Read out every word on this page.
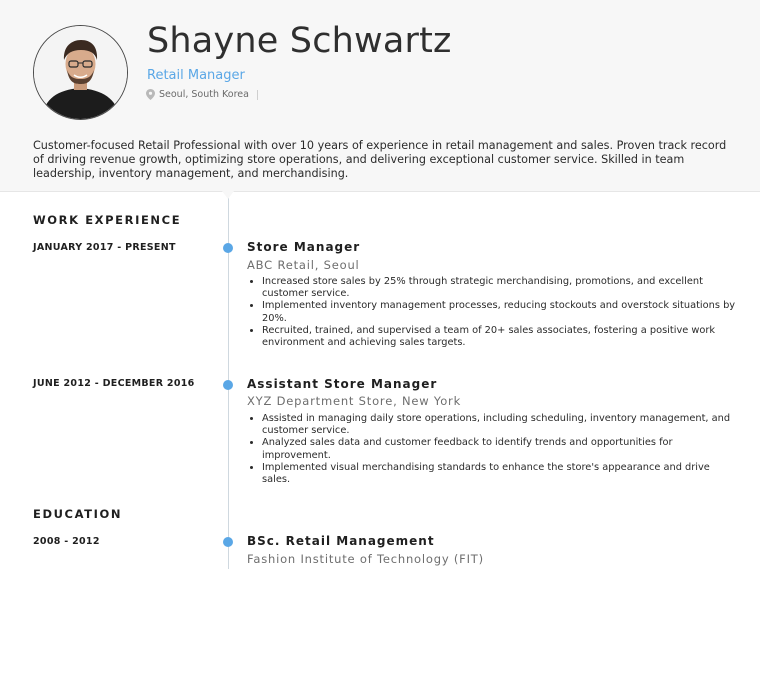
Shayne Schwartz
Retail Manager
Seoul, South Korea
Customer-focused Retail Professional with over 10 years of experience in retail management and sales. Proven track record of driving revenue growth, optimizing store operations, and delivering exceptional customer service. Skilled in team leadership, inventory management, and merchandising.
WORK EXPERIENCE
JANUARY 2017 - PRESENT	Store Manager
ABC Retail, Seoul
• Increased store sales by 25% through strategic merchandising, promotions, and excellent customer service.
• Implemented inventory management processes, reducing stockouts and overstock situations by 20%.
• Recruited, trained, and supervised a team of 20+ sales associates, fostering a positive work environment and achieving sales targets.
JUNE 2012 - DECEMBER 2016	Assistant Store Manager
XYZ Department Store, New York
• Assisted in managing daily store operations, including scheduling, inventory management, and customer service.
• Analyzed sales data and customer feedback to identify trends and opportunities for improvement.
• Implemented visual merchandising standards to enhance the store's appearance and drive sales.
EDUCATION
2008 - 2012	BSc. Retail Management
Fashion Institute of Technology (FIT)
